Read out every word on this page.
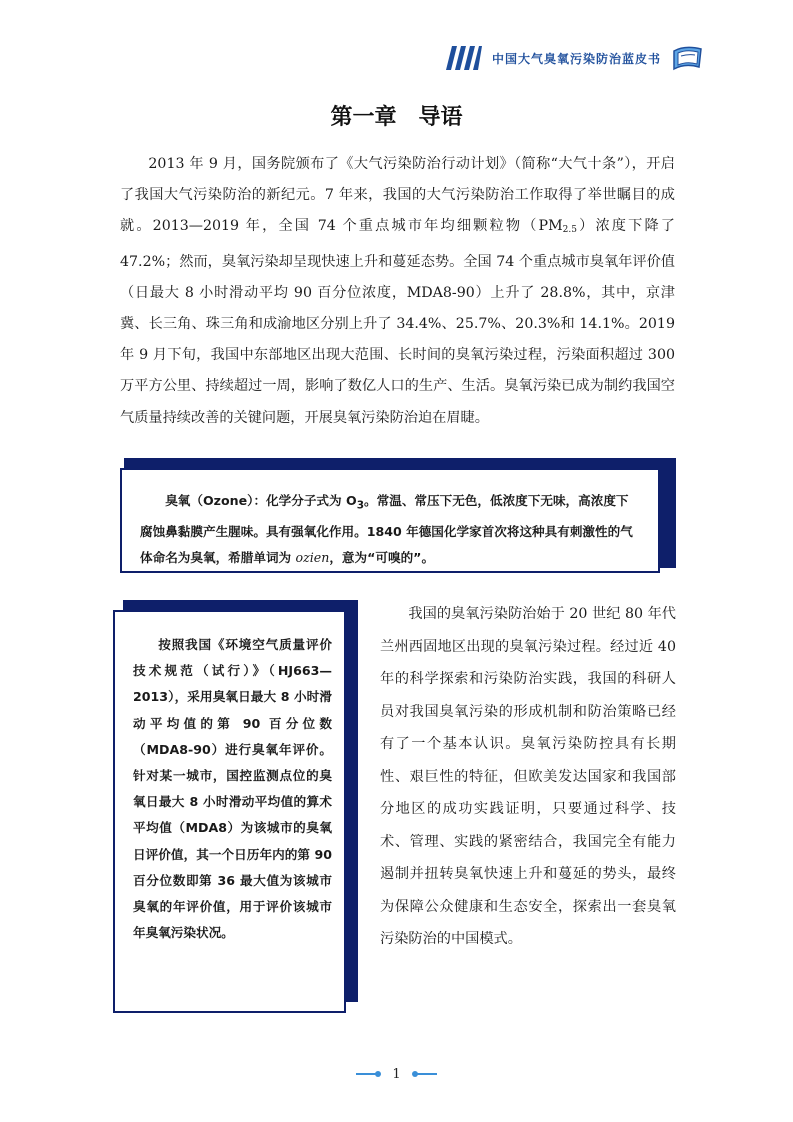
中国大气臭氧污染防治蓝皮书
第一章 导语

2013 年 9 月，国务院颁布了《大气污染防治行动计划》（简称“大气十条”），开启了我国大气污染防治的新纪元。7 年来，我国的大气污染防治工作取得了举世瞩目的成就。2013—2019 年，全国 74 个重点城市年均细颗粒物$(PM_{2.5})$浓度下降了 47.2%；然而，臭氧污染却呈现快速上升和蔓延态势。全国 74 个重点城市臭氧年评价值（日最大 8 小时滑动平均 90 百分位浓度，MDA8-90）上升了 28.8%，其中，京津冀、长三角、珠三角和成渝地区分别上升了 34.4%、25.7%、20.3%和 14.1%。2019 年 9 月下旬，我国中东部地区出现大范围、长时间的臭氧污染过程，污染面积超过 300 万平方公里、持续超过一周，影响了数亿人口的生产、生活。臭氧污染已成为制约我国空气质量持续改善的关键问题，开展臭氧污染防治迫在眉睫。

臭氧（Ozone）：化学分子式为 $O_3$。常温、常压下无色，低浓度下无味，高浓度下腐蚀鼻黏膜产生腥味。具有强氧化作用。1840 年德国化学家首次将这种具有刺激性的气体命名为臭氧，希腊单词为 ozien，意为“可嗅的”。

按照我国《环境空气质量评价技术规范（试行）》（HJ663—2013），采用臭氧日最大 8 小时滑动平均值的第 90 百分位数（MDA8-90）进行臭氧年评价。针对某一城市，国控监测点位的臭氧日最大 8 小时滑动平均值的算术平均值（MDA8）为该城市的臭氧日评价值，其一个日历年内的第 90 百分位数即第 36 最大值为该城市臭氧的年评价值，用于评价该城市年臭氧污染状况。

我国的臭氧污染防治始于 20 世纪 80 年代兰州西固地区出现的臭氧污染过程。经过近 40 年的科学探索和污染防治实践，我国的科研人员对我国臭氧污染的形成机制和防治策略已经有了一个基本认识。臭氧污染防控具有长期性、艰巨性的特征，但欧美发达国家和我国部分地区的成功实践证明，只要通过科学、技术、管理、实践的紧密结合，我国完全有能力遏制并扭转臭氧快速上升和蔓延的势头，最终为保障公众健康和生态安全，探索出一套臭氧污染防治的中国模式。

1
